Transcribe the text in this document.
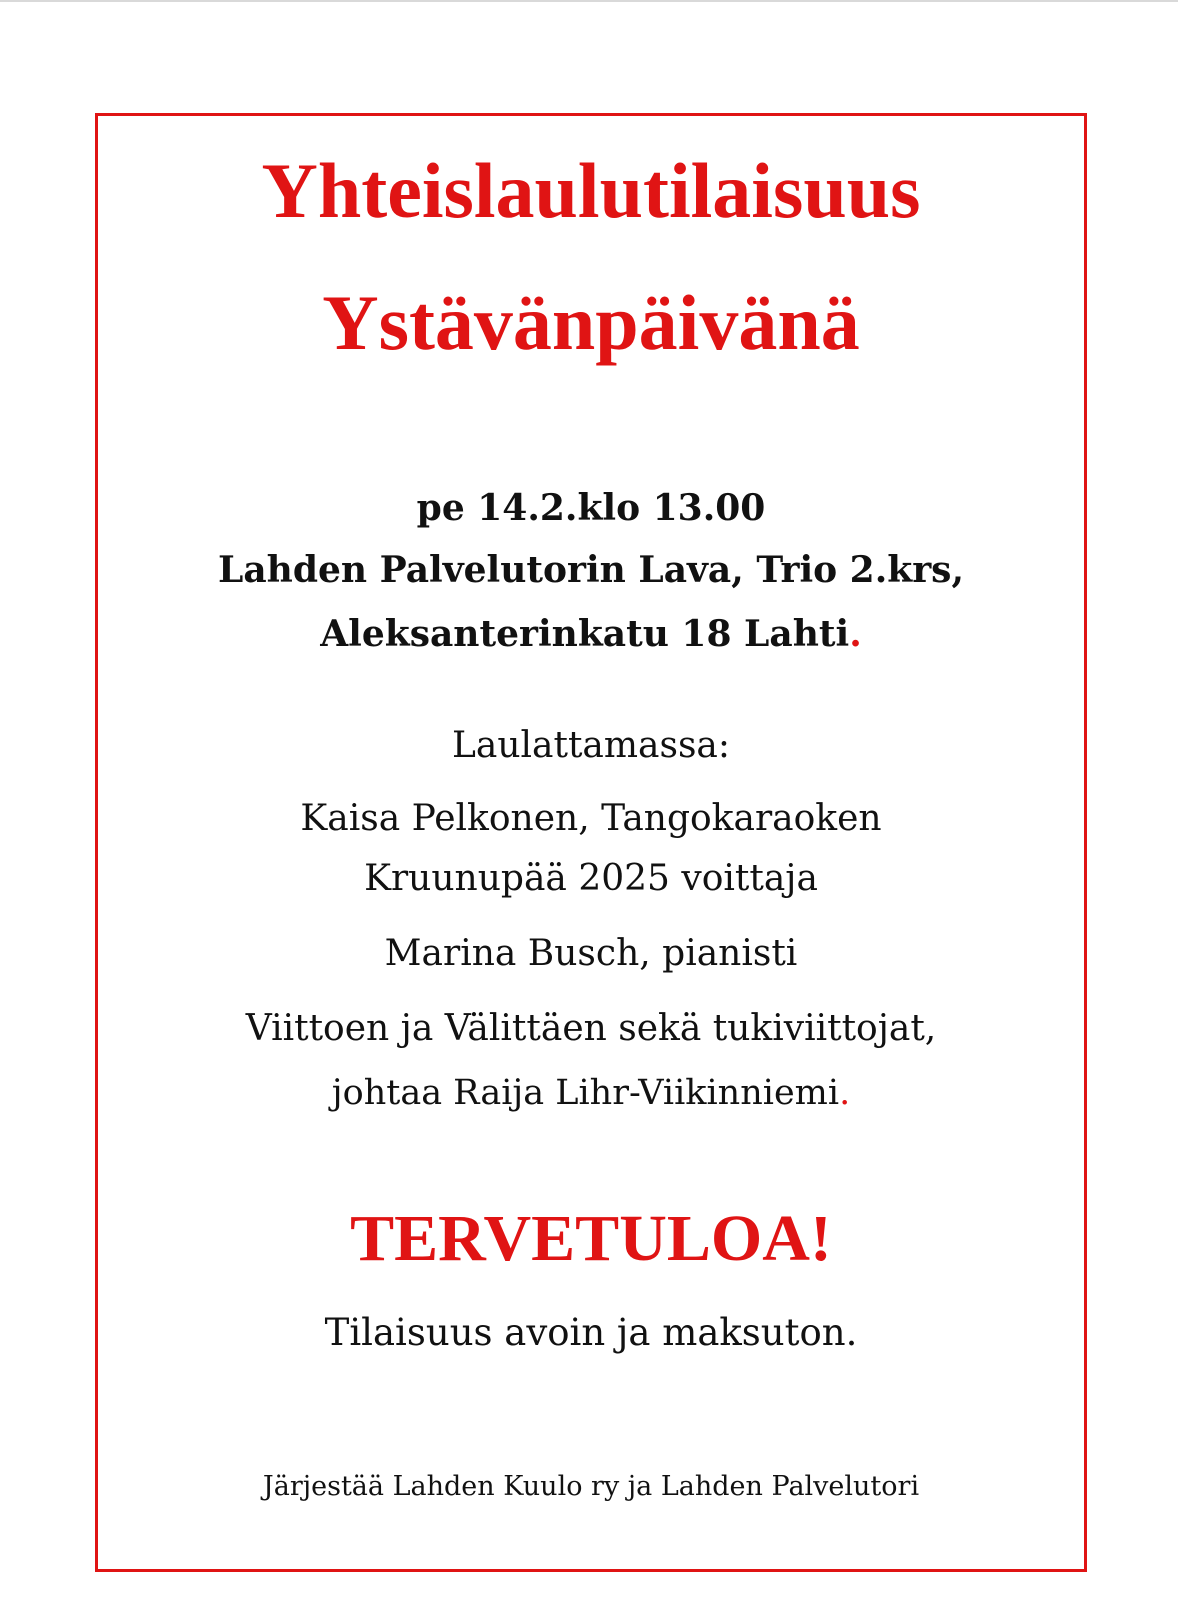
Yhteislaulutilaisuus
Ystävänpäivänä
pe 14.2.klo 13.00
Lahden Palvelutorin Lava, Trio 2.krs,
Aleksanterinkatu 18 Lahti.
Laulattamassa:
Kaisa Pelkonen, Tangokaraoken
Kruunupää 2025 voittaja
Marina Busch, pianisti
Viittoen ja Välittäen sekä tukiviittojat,
johtaa Raija Lihr-Viikinniemi.
TERVETULOA!
Tilaisuus avoin ja maksuton.
Järjestää Lahden Kuulo ry ja Lahden Palvelutori
